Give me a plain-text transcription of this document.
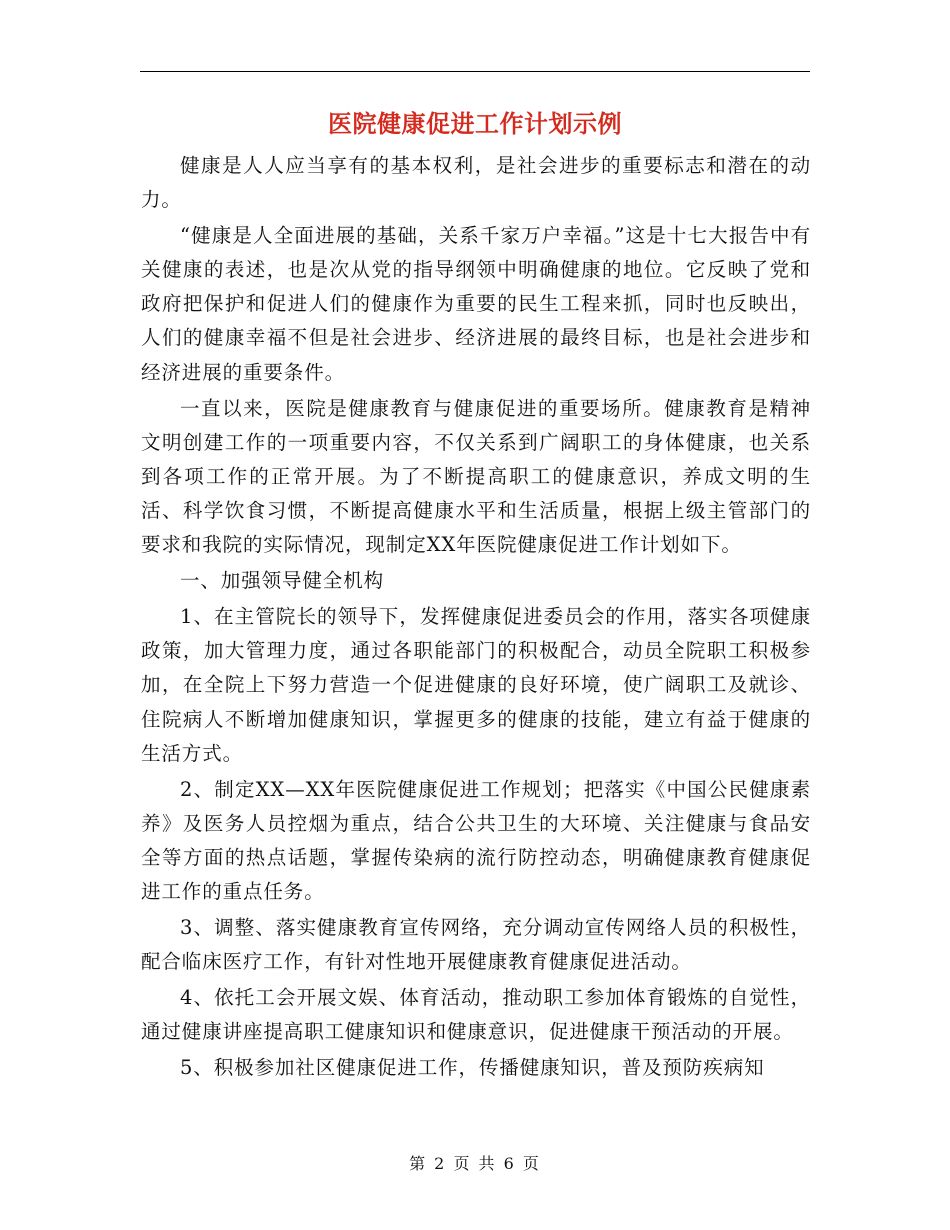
医院健康促进工作计划示例

健康是人人应当享有的基本权利，是社会进步的重要标志和潜在的动力。

“健康是人全面进展的基础，关系千家万户幸福。”这是十七大报告中有关健康的表述，也是次从党的指导纲领中明确健康的地位。它反映了党和政府把保护和促进人们的健康作为重要的民生工程来抓，同时也反映出，人们的健康幸福不但是社会进步、经济进展的最终目标，也是社会进步和经济进展的重要条件。

一直以来，医院是健康教育与健康促进的重要场所。健康教育是精神文明创建工作的一项重要内容，不仅关系到广阔职工的身体健康，也关系到各项工作的正常开展。为了不断提高职工的健康意识，养成文明的生活、科学饮食习惯，不断提高健康水平和生活质量，根据上级主管部门的要求和我院的实际情况，现制定XX年医院健康促进工作计划如下。

一、加强领导健全机构

1、在主管院长的领导下，发挥健康促进委员会的作用，落实各项健康政策，加大管理力度，通过各职能部门的积极配合，动员全院职工积极参加，在全院上下努力营造一个促进健康的良好环境，使广阔职工及就诊、住院病人不断增加健康知识，掌握更多的健康的技能，建立有益于健康的生活方式。

2、制定XX—XX年医院健康促进工作规划；把落实《中国公民健康素养》及医务人员控烟为重点，结合公共卫生的大环境、关注健康与食品安全等方面的热点话题，掌握传染病的流行防控动态，明确健康教育健康促进工作的重点任务。

3、调整、落实健康教育宣传网络，充分调动宣传网络人员的积极性，配合临床医疗工作，有针对性地开展健康教育健康促进活动。

4、依托工会开展文娱、体育活动，推动职工参加体育锻炼的自觉性，通过健康讲座提高职工健康知识和健康意识，促进健康干预活动的开展。

5、积极参加社区健康促进工作，传播健康知识，普及预防疾病知

第 2 页 共 6 页
